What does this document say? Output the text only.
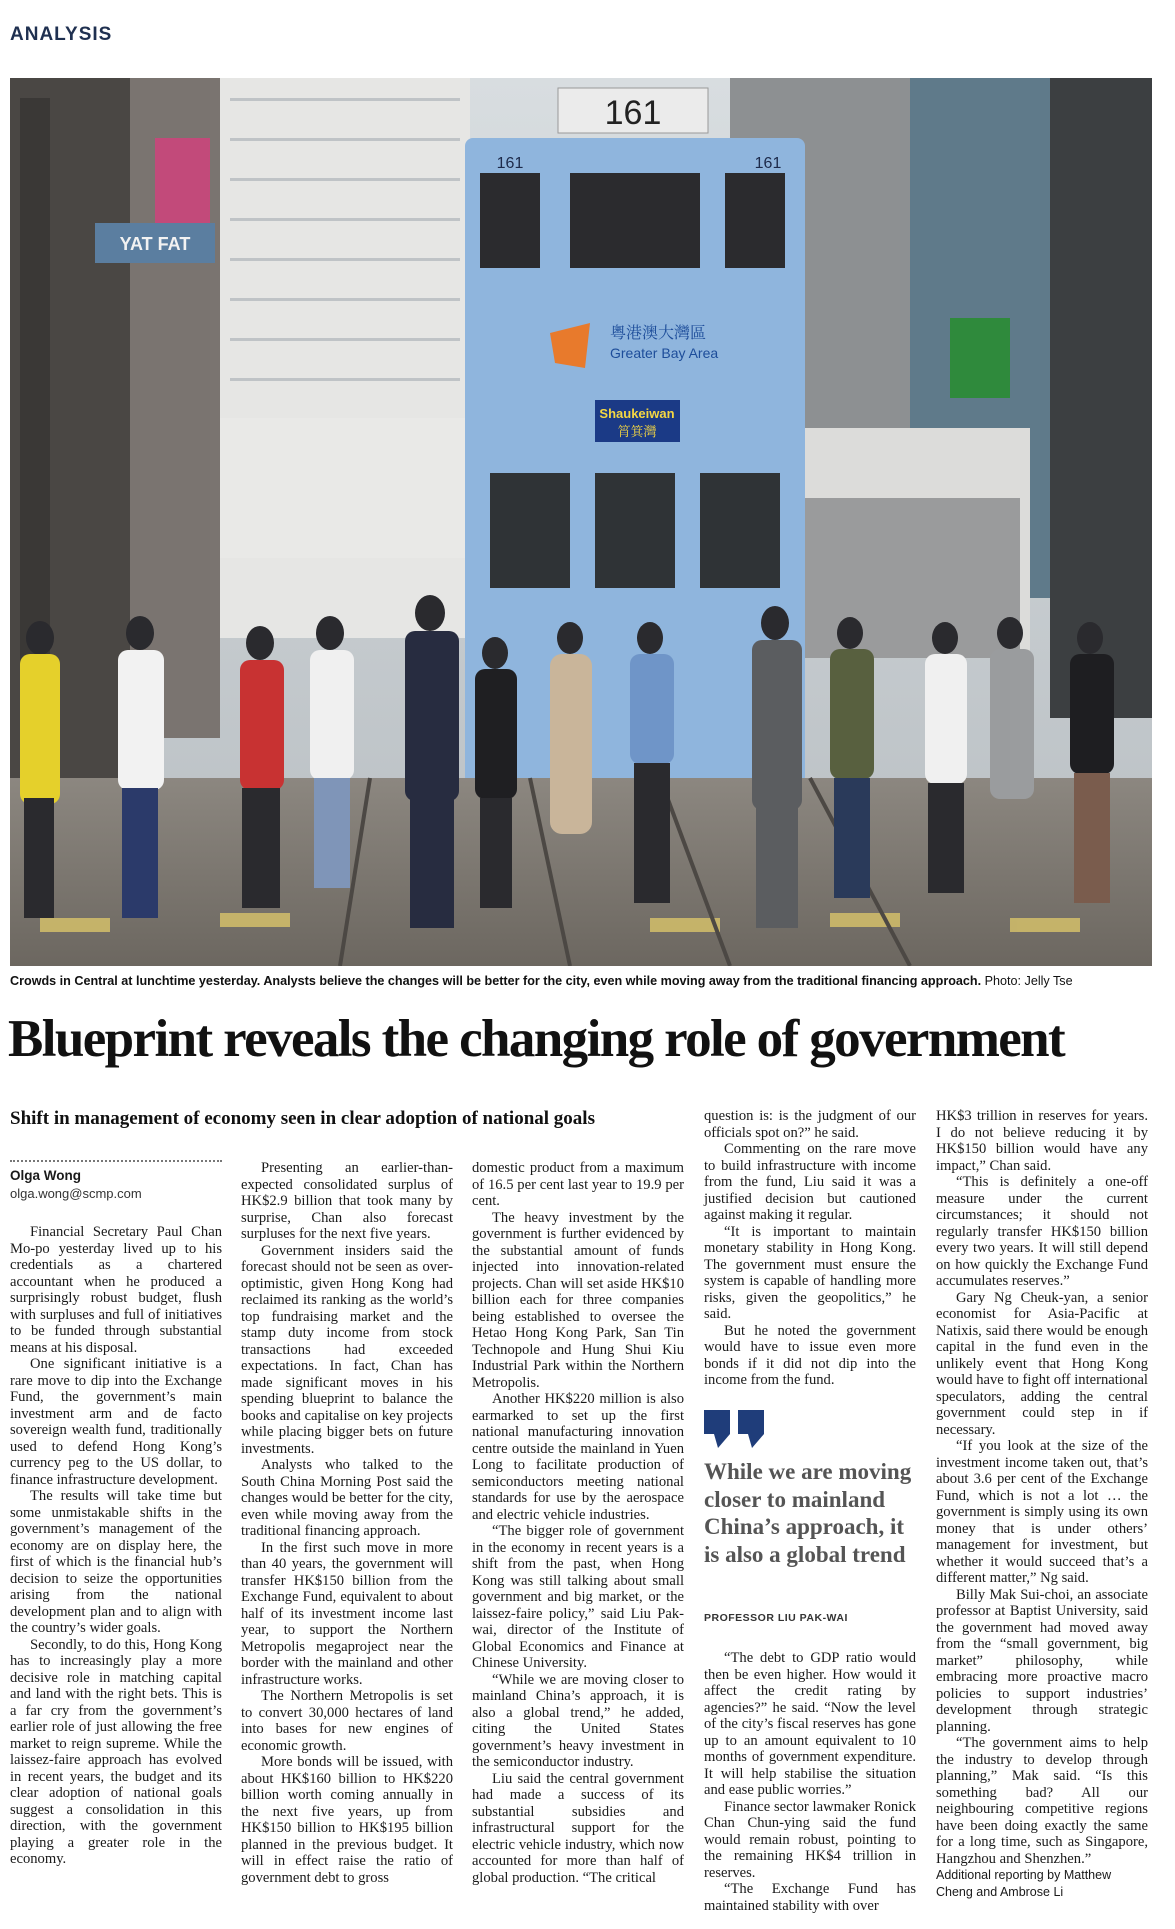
ANALYSIS
YAT FAT
161
161	161
粵港澳大灣區
Greater Bay Area
Shaukeiwan
筲箕灣
Crowds in Central at lunchtime yesterday. Analysts believe the changes will be better for the city, even while moving away from the traditional financing approach. Photo: Jelly Tse
Blueprint reveals the changing role of government
Shift in management of economy seen in clear adoption of national goals
Olga Wong
olga.wong@scmp.com

Financial Secretary Paul Chan Mo-po yesterday lived up to his credentials as a chartered accountant when he produced a surprisingly robust budget, flush with surpluses and full of initiatives to be funded through substantial means at his disposal.

One significant initiative is a rare move to dip into the Exchange Fund, the government’s main investment arm and de facto sovereign wealth fund, traditionally used to defend Hong Kong’s currency peg to the US dollar, to finance infrastructure development.

The results will take time but some unmistakable shifts in the government’s management of the economy are on display here, the first of which is the financial hub’s decision to seize the opportunities arising from the national development plan and to align with the country’s wider goals.

Secondly, to do this, Hong Kong has to increasingly play a more decisive role in matching capital and land with the right bets. This is a far cry from the government’s earlier role of just allowing the free market to reign supreme. While the laissez-faire approach has evolved in recent years, the budget and its clear adoption of national goals suggest a consolidation in this direction, with the government playing a greater role in the economy.

Presenting an earlier-than-expected consolidated surplus of HK$2.9 billion that took many by surprise, Chan also forecast surpluses for the next five years.

Government insiders said the forecast should not be seen as over-optimistic, given Hong Kong had reclaimed its ranking as the world’s top fundraising market and the stamp duty income from stock transactions had exceeded expectations. In fact, Chan has made significant moves in his spending blueprint to balance the books and capitalise on key projects while placing bigger bets on future investments.

Analysts who talked to the South China Morning Post said the changes would be better for the city, even while moving away from the traditional financing approach.

In the first such move in more than 40 years, the government will transfer HK$150 billion from the Exchange Fund, equivalent to about half of its investment income last year, to support the Northern Metropolis megaproject near the border with the mainland and other infrastructure works.

The Northern Metropolis is set to convert 30,000 hectares of land into bases for new engines of economic growth.

More bonds will be issued, with about HK$160 billion to HK$220 billion worth coming annually in the next five years, up from HK$150 billion to HK$195 billion planned in the previous budget. It will in effect raise the ratio of government debt to gross

domestic product from a maximum of 16.5 per cent last year to 19.9 per cent.

The heavy investment by the government is further evidenced by the substantial amount of funds injected into innovation-related projects. Chan will set aside HK$10 billion each for three companies being established to oversee the Hetao Hong Kong Park, San Tin Technopole and Hung Shui Kiu Industrial Park within the Northern Metropolis.

Another HK$220 million is also earmarked to set up the first national manufacturing innovation centre outside the mainland in Yuen Long to facilitate production of semiconductors meeting national standards for use by the aerospace and electric vehicle industries.

“The bigger role of government in the economy in recent years is a shift from the past, when Hong Kong was still talking about small government and big market, or the laissez-faire policy,” said Liu Pak-wai, director of the Institute of Global Economics and Finance at Chinese University.

“While we are moving closer to mainland China’s approach, it is also a global trend,” he added, citing the United States government’s heavy investment in the semiconductor industry.

Liu said the central government had made a success of its substantial subsidies and infrastructural support for the electric vehicle industry, which now accounted for more than half of global production. “The critical

question is: is the judgment of our officials spot on?” he said.

Commenting on the rare move to build infrastructure with income from the fund, Liu said it was a justified decision but cautioned against making it regular.

“It is important to maintain monetary stability in Hong Kong. The government must ensure the system is capable of handling more risks, given the geopolitics,” he said.

But he noted the government would have to issue even more bonds if it did not dip into the income from the fund.

While we are moving closer to mainland China’s approach, it is also a global trend
PROFESSOR LIU PAK-WAI

“The debt to GDP ratio would then be even higher. How would it affect the credit rating by agencies?” he said. “Now the level of the city’s fiscal reserves has gone up to an amount equivalent to 10 months of government expenditure. It will help stabilise the situation and ease public worries.”

Finance sector lawmaker Ronick Chan Chun-ying said the fund would remain robust, pointing to the remaining HK$4 trillion in reserves.

“The Exchange Fund has maintained stability with over

HK$3 trillion in reserves for years. I do not believe reducing it by HK$150 billion would have any impact,” Chan said.

“This is definitely a one-off measure under the current circumstances; it should not regularly transfer HK$150 billion every two years. It will still depend on how quickly the Exchange Fund accumulates reserves.”

Gary Ng Cheuk-yan, a senior economist for Asia-Pacific at Natixis, said there would be enough capital in the fund even in the unlikely event that Hong Kong would have to fight off international speculators, adding the central government could step in if necessary.

“If you look at the size of the investment income taken out, that’s about 3.6 per cent of the Exchange Fund, which is not a lot … the government is simply using its own money that is under others’ management for investment, but whether it would succeed that’s a different matter,” Ng said.

Billy Mak Sui-choi, an associate professor at Baptist University, said the government had moved away from the “small government, big market” philosophy, while embracing more proactive macro policies to support industries’ development through strategic planning.

“The government aims to help the industry to develop through planning,” Mak said. “Is this something bad? All our neighbouring competitive regions have been doing exactly the same for a long time, such as Singapore, Hangzhou and Shenzhen.”

Additional reporting by Matthew Cheng and Ambrose Li
